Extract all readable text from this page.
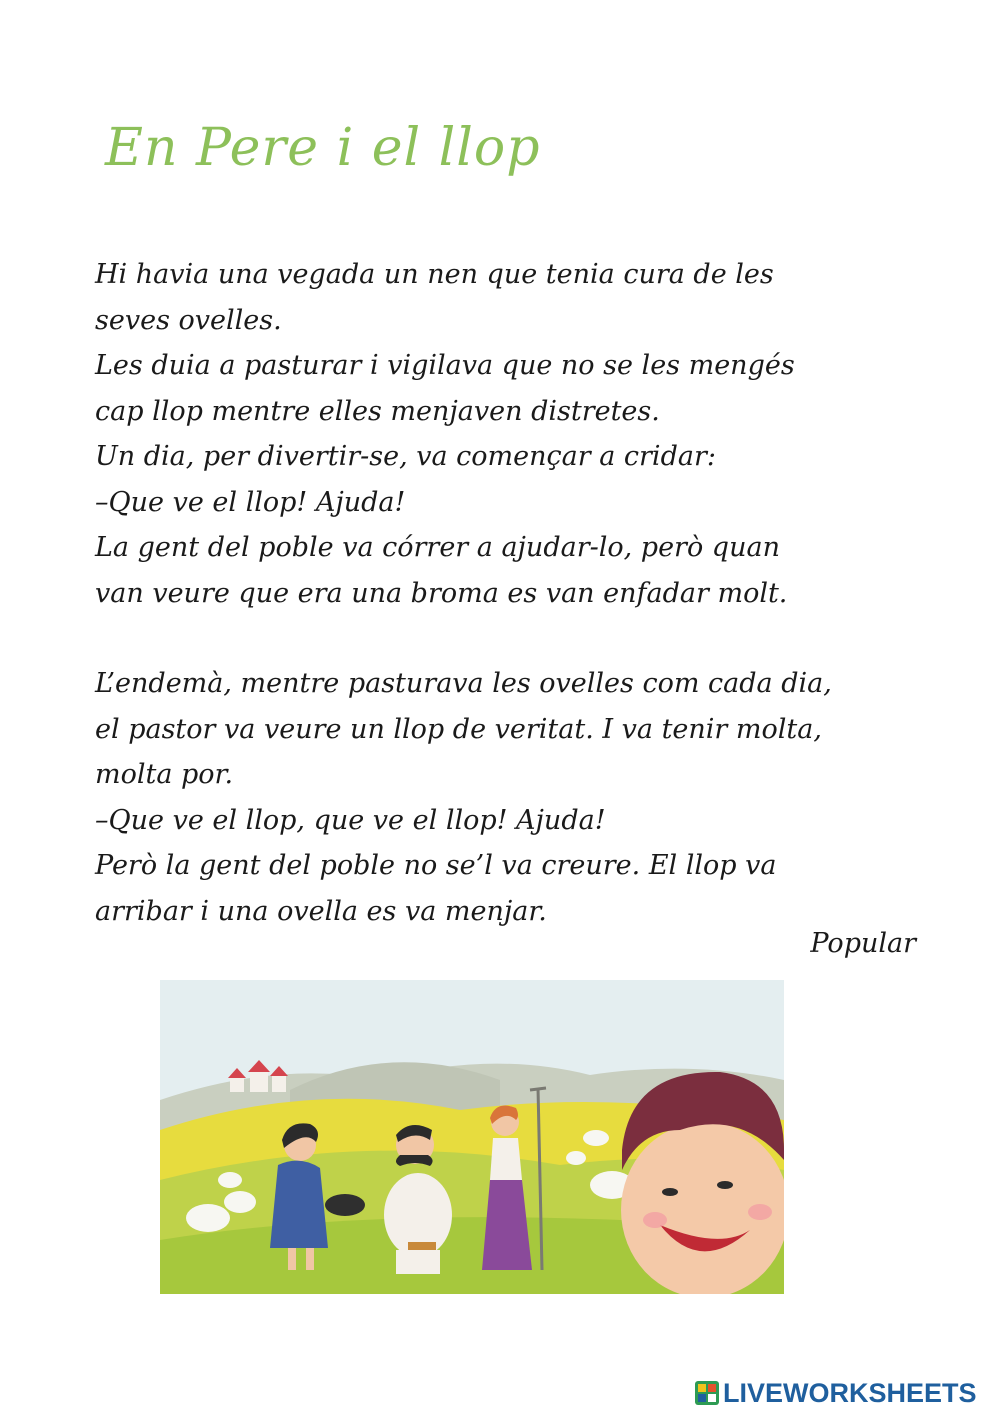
En Pere i el llop
Hi havia una vegada un nen que tenia cura de les
seves ovelles.
Les duia a pasturar i vigilava que no se les mengés
cap llop mentre elles menjaven distretes.
Un dia, per divertir-se, va començar a cridar:
–Que ve el llop! Ajuda!
La gent del poble va córrer a ajudar-lo, però quan
van veure que era una broma es van enfadar molt.
L’endemà, mentre pasturava les ovelles com cada dia,
el pastor va veure un llop de veritat. I va tenir molta,
molta por.
–Que ve el llop, que ve el llop! Ajuda!
Però la gent del poble no se’l va creure. El llop va
arribar i una ovella es va menjar.
Popular
LIVEWORKSHEETS
